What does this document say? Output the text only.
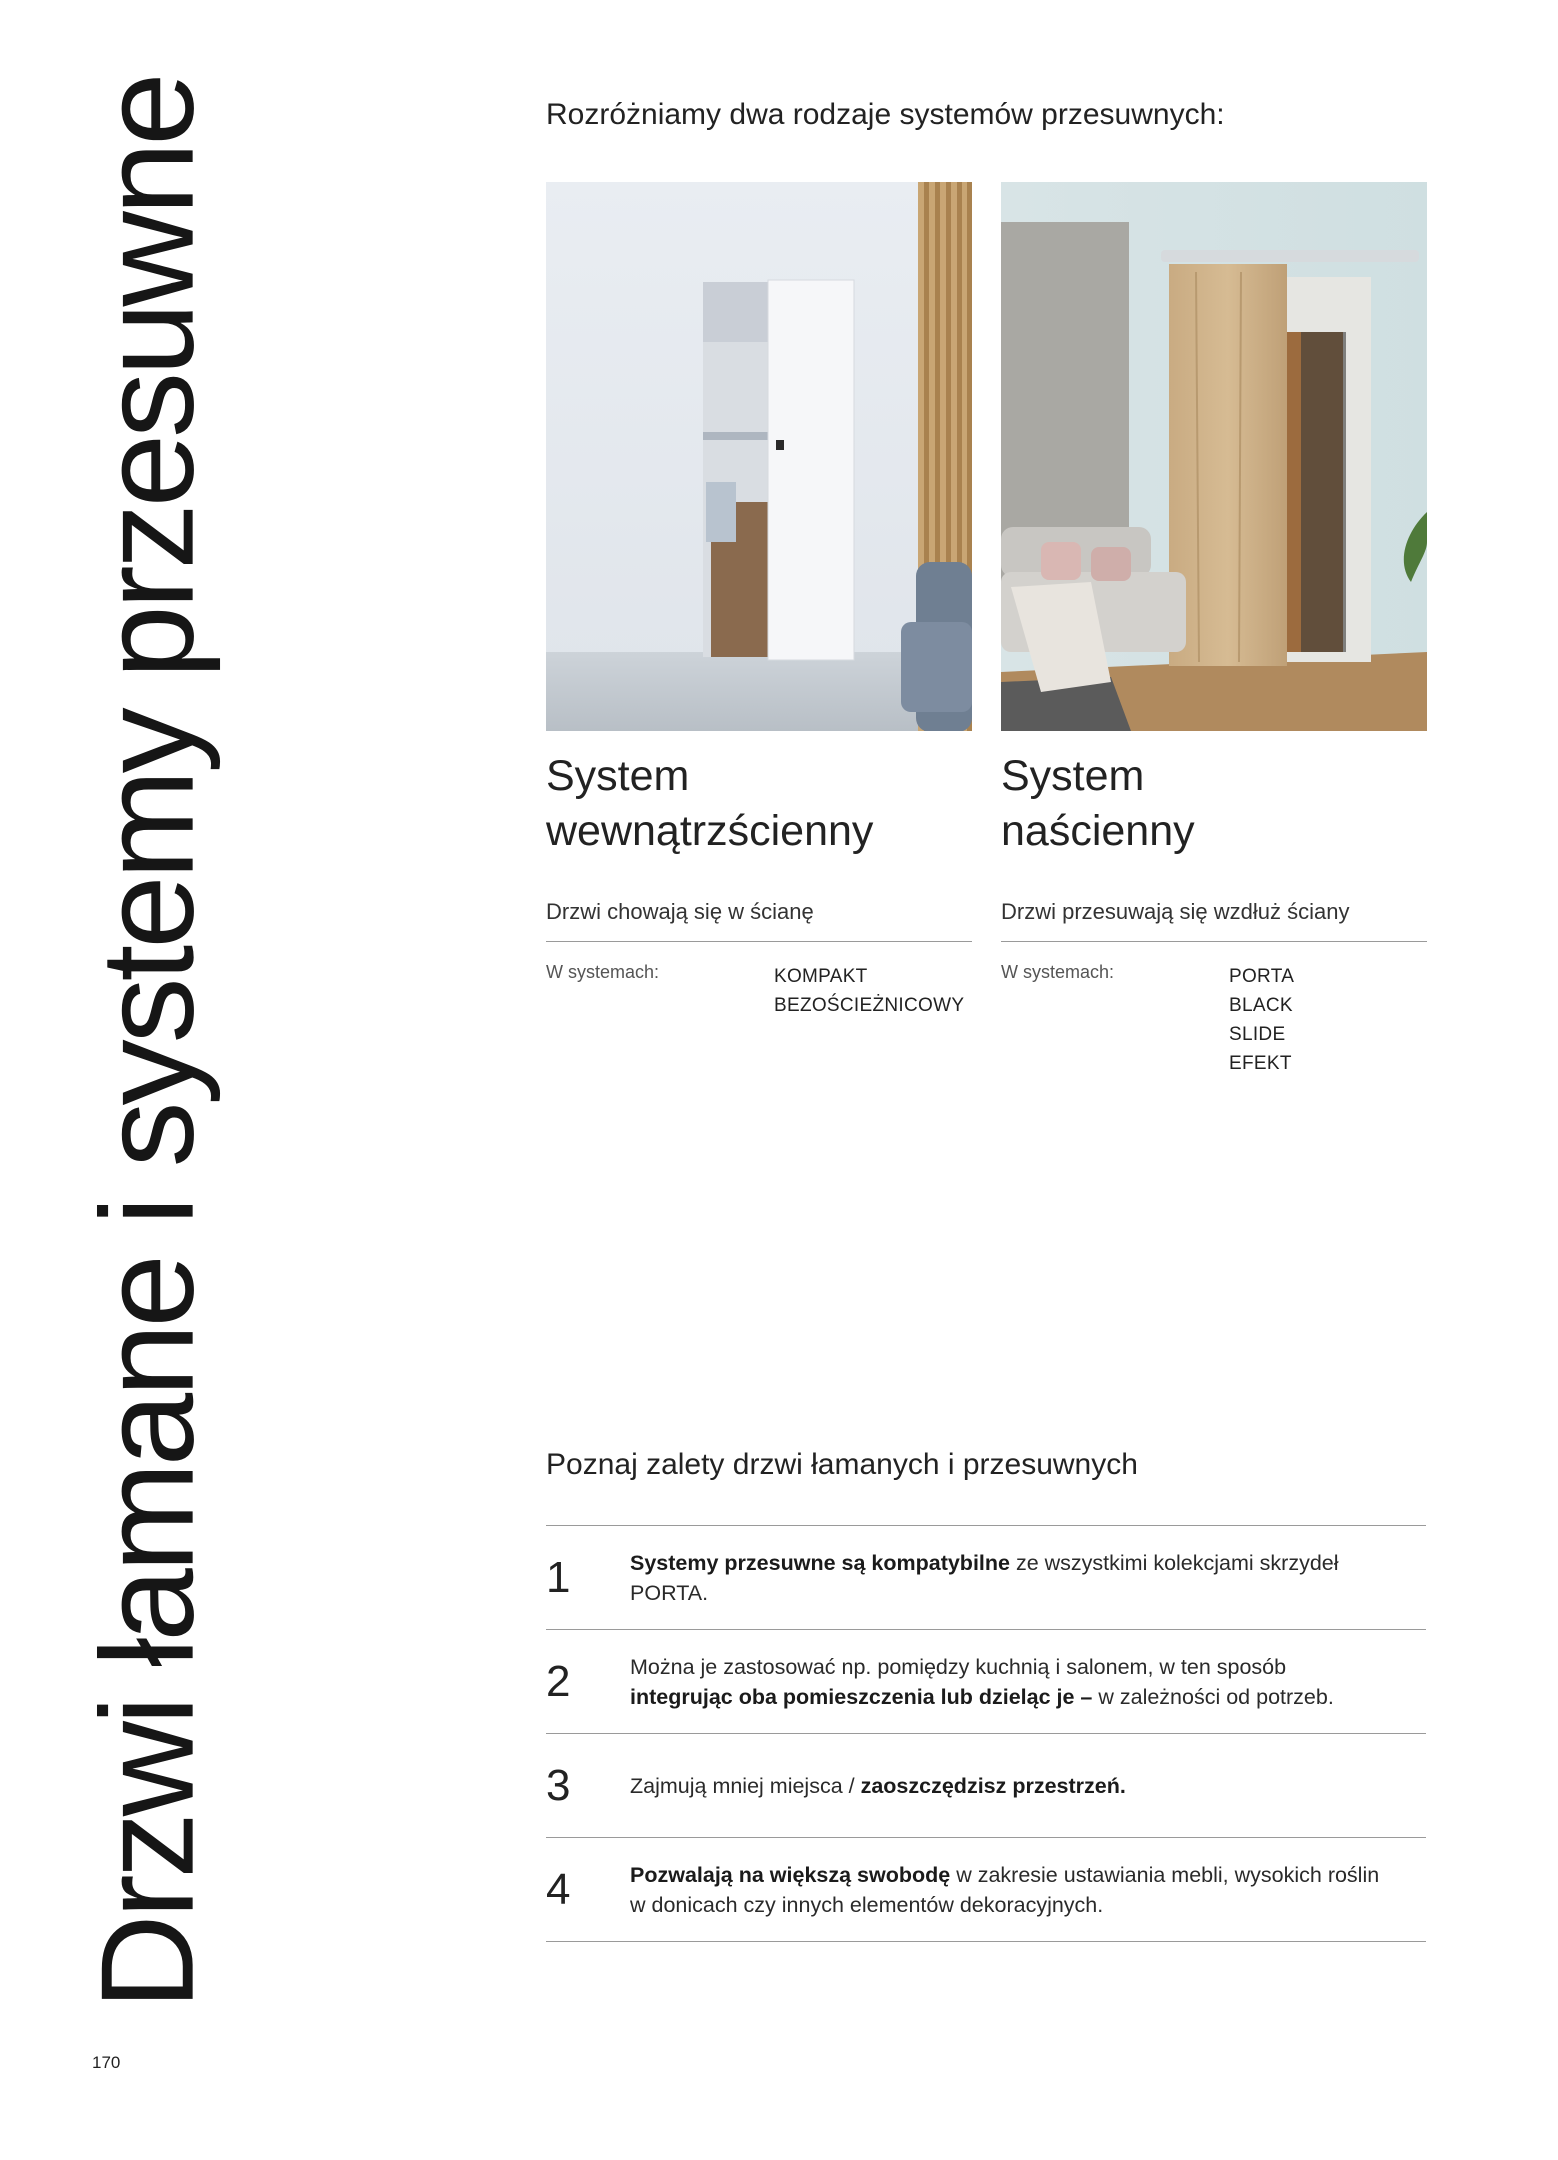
Drzwi łamane i systemy przesuwne
170
Rozróżniamy dwa rodzaje systemów przesuwnych:
System
wewnątrzścienny
Drzwi chowają się w ścianę
W systemach:	KOMPAKT
BEZOŚCIEŻNICOWY
System
naścienny
Drzwi przesuwają się wzdłuż ściany
W systemach:	PORTA
BLACK
SLIDE
EFEKT
Poznaj zalety drzwi łamanych i przesuwnych
1	Systemy przesuwne są kompatybilne ze wszystkimi kolekcjami skrzydeł PORTA.
2	Można je zastosować np. pomiędzy kuchnią i salonem, w ten sposób integrując oba pomieszczenia lub dzieląc je – w zależności od potrzeb.
3	Zajmują mniej miejsca / zaoszczędzisz przestrzeń.
4	Pozwalają na większą swobodę w zakresie ustawiania mebli, wysokich roślin w donicach czy innych elementów dekoracyjnych.
